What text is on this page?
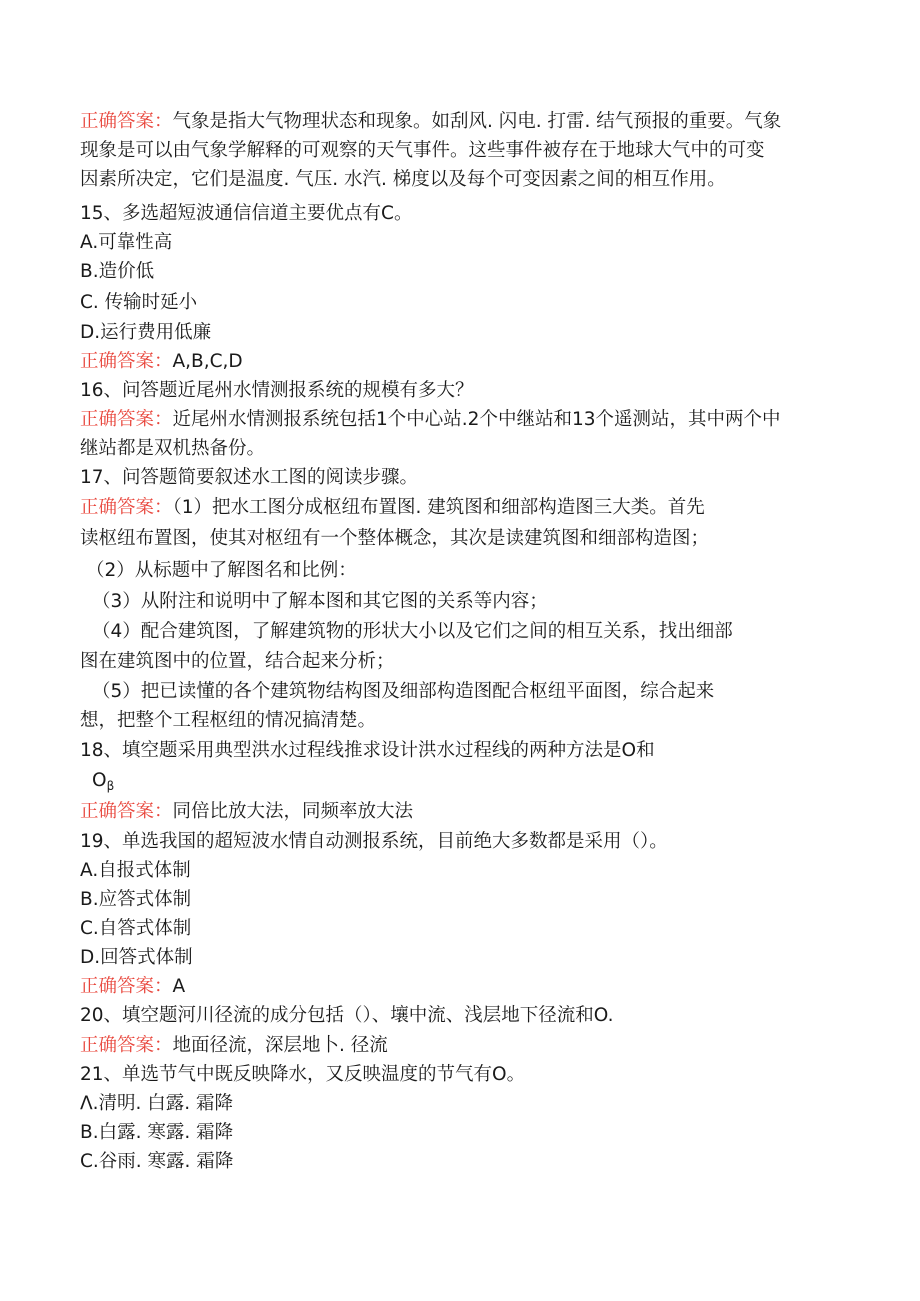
正确答案：气象是指大气物理状态和现象。如刮风. 闪电. 打雷. 结气预报的重要。气象
现象是可以由气象学解释的可观察的天气事件。这些事件被存在于地球大气中的可变
因素所决定，它们是温度. 气压. 水汽. 梯度以及每个可变因素之间的相互作用。
15、多选超短波通信信道主要优点有C。
A.可靠性高
B.造价低
C. 传输时延小
D.运行费用低廉
正确答案：A,B,C,D
16、问答题近尾州水情测报系统的规模有多大？
正确答案：近尾州水情测报系统包括1个中心站.2个中继站和13个遥测站，其中两个中
继站都是双机热备份。
17、问答题简要叙述水工图的阅读步骤。
正确答案：（1）把水工图分成枢纽布置图. 建筑图和细部构造图三大类。首先
读枢纽布置图，使其对枢纽有一个整体概念，其次是读建筑图和细部构造图；
（2）从标题中了解图名和比例：
（3）从附注和说明中了解本图和其它图的关系等内容；
（4）配合建筑图，了解建筑物的形状大小以及它们之间的相互关系，找出细部
图在建筑图中的位置，结合起来分析；
（5）把已读懂的各个建筑物结构图及细部构造图配合枢纽平面图，综合起来
想，把整个工程枢纽的情况搞清楚。
18、填空题采用典型洪水过程线推求设计洪水过程线的两种方法是O和
$O_\beta$
正确答案：同倍比放大法，同频率放大法
19、单选我国的超短波水情自动测报系统，目前绝大多数都是采用（）。
A.自报式体制
B.应答式体制
C.自答式体制
D.回答式体制
正确答案：A
20、填空题河川径流的成分包括（）、壤中流、浅层地下径流和O.
正确答案：地面径流，深层地卜. 径流
21、单选节气中既反映降水，又反映温度的节气有O。
Λ.清明. 白露. 霜降
B.白露. 寒露. 霜降
C.谷雨. 寒露. 霜降
